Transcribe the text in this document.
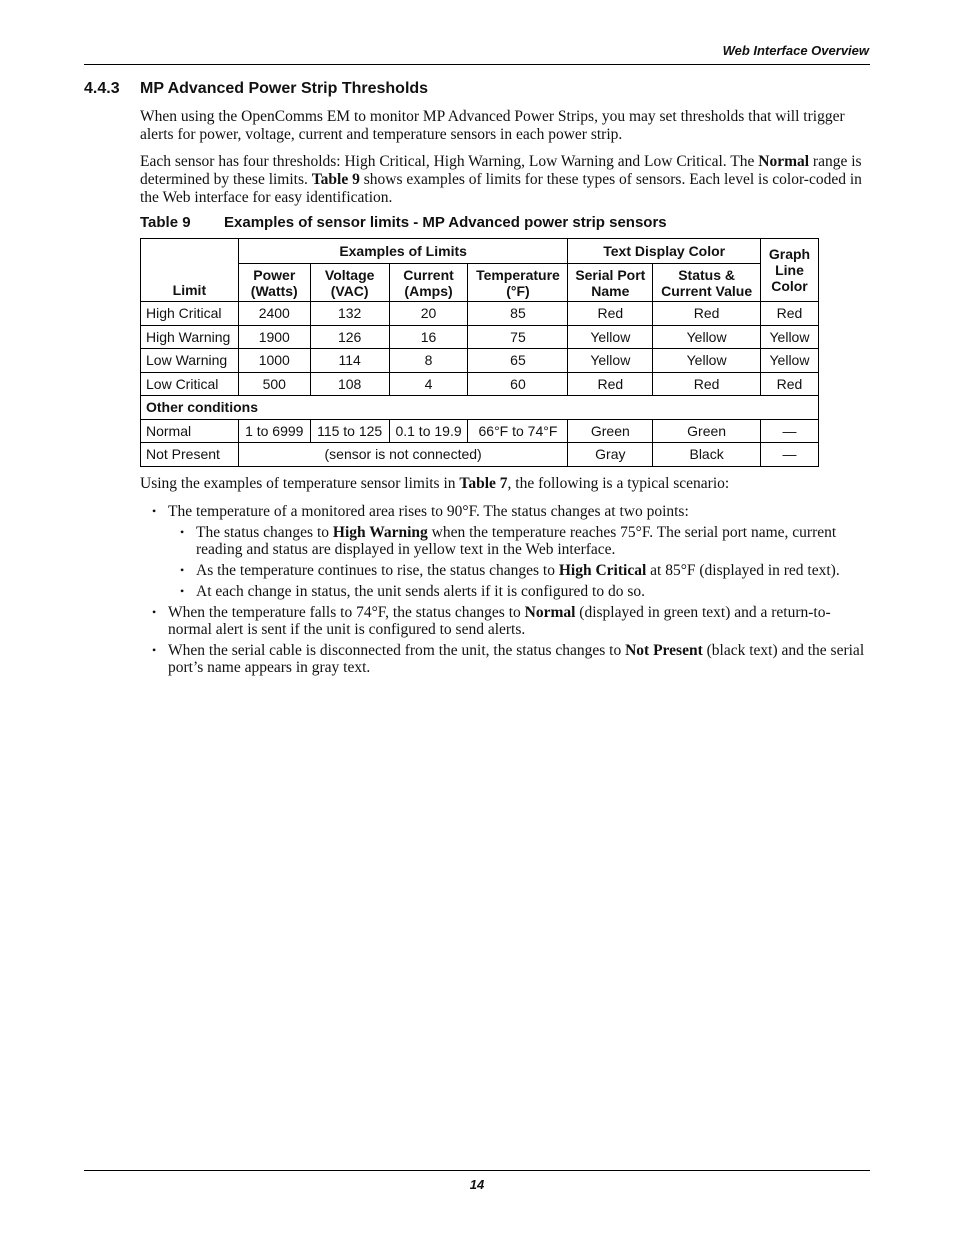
Web Interface Overview
4.4.3 MP Advanced Power Strip Thresholds

When using the OpenComms EM to monitor MP Advanced Power Strips, you may set thresholds that will trigger alerts for power, voltage, current and temperature sensors in each power strip.

Each sensor has four thresholds: High Critical, High Warning, Low Warning and Low Critical. The Normal range is determined by these limits. Table 9 shows examples of limits for these types of sensors. Each level is color-coded in the Web interface for easy identification.

Table 9 Examples of sensor limits - MP Advanced power strip sensors
Limit	Examples of Limits				Text Display Color		Graph Line Color
	Power (Watts)	Voltage (VAC)	Current (Amps)	Temperature (°F)	Serial Port Name	Status & Current Value	
High Critical	2400	132	20	85	Red	Red	Red
High Warning	1900	126	16	75	Yellow	Yellow	Yellow
Low Warning	1000	114	8	65	Yellow	Yellow	Yellow
Low Critical	500	108	4	60	Red	Red	Red
Other conditions							
Normal	1 to 6999	115 to 125	0.1 to 19.9	66°F to 74°F	Green	Green	—
Not Present	(sensor is not connected)				Gray	Black	—

Using the examples of temperature sensor limits in Table 7, the following is a typical scenario:

• The temperature of a monitored area rises to 90°F. The status changes at two points:
• The status changes to High Warning when the temperature reaches 75°F. The serial port name, current reading and status are displayed in yellow text in the Web interface.
• As the temperature continues to rise, the status changes to High Critical at 85°F (displayed in red text).
• At each change in status, the unit sends alerts if it is configured to do so.
• When the temperature falls to 74°F, the status changes to Normal (displayed in green text) and a return-to-normal alert is sent if the unit is configured to send alerts.
• When the serial cable is disconnected from the unit, the status changes to Not Present (black text) and the serial port’s name appears in gray text.
14
